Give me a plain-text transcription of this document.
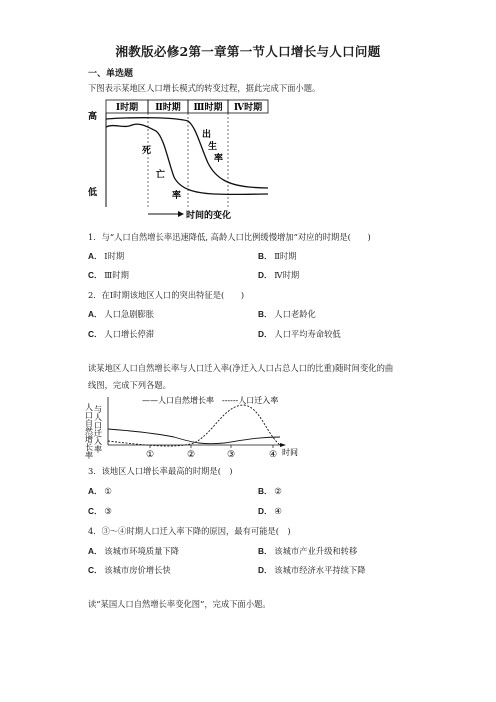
湘教版必修2第一章第一节人口增长与人口问题
一、单选题
下图表示某地区人口增长模式的转变过程，据此完成下面小题。
Ⅰ时期 Ⅱ时期 Ⅲ时期 Ⅳ时期
高
低
出
生
率
死
亡
率
时间的变化
1．与“人口自然增长率迅速降低, 高龄人口比例缓慢增加”对应的时期是(　　)
A． Ⅰ时期	B． Ⅱ时期
C． Ⅲ时期	D． Ⅳ时期
2．在Ⅰ时期该地区人口的突出特征是(　　)
A． 人口急剧膨胀	B． 人口老龄化
C． 人口增长停滞	D． 人口平均寿命较低
读某地区人口自然增长率与人口迁入率(净迁入人口占总人口的比重)随时间变化的曲
线图，完成下列各题。
人口自然增长率 与人口迁入率
——人口自然增长率 ------人口迁入率
①	②	③	④ 时间
3．该地区人口增长率最高的时期是(　)
A． ①	B． ②
C． ③	D． ④
4．③～④时期人口迁入率下降的原因，最有可能是(　)
A． 该城市环境质量下降	B． 该城市产业升级和转移
C． 该城市房价增长快	D． 该城市经济水平持续下降
读“某国人口自然增长率变化图”，完成下面小题。
